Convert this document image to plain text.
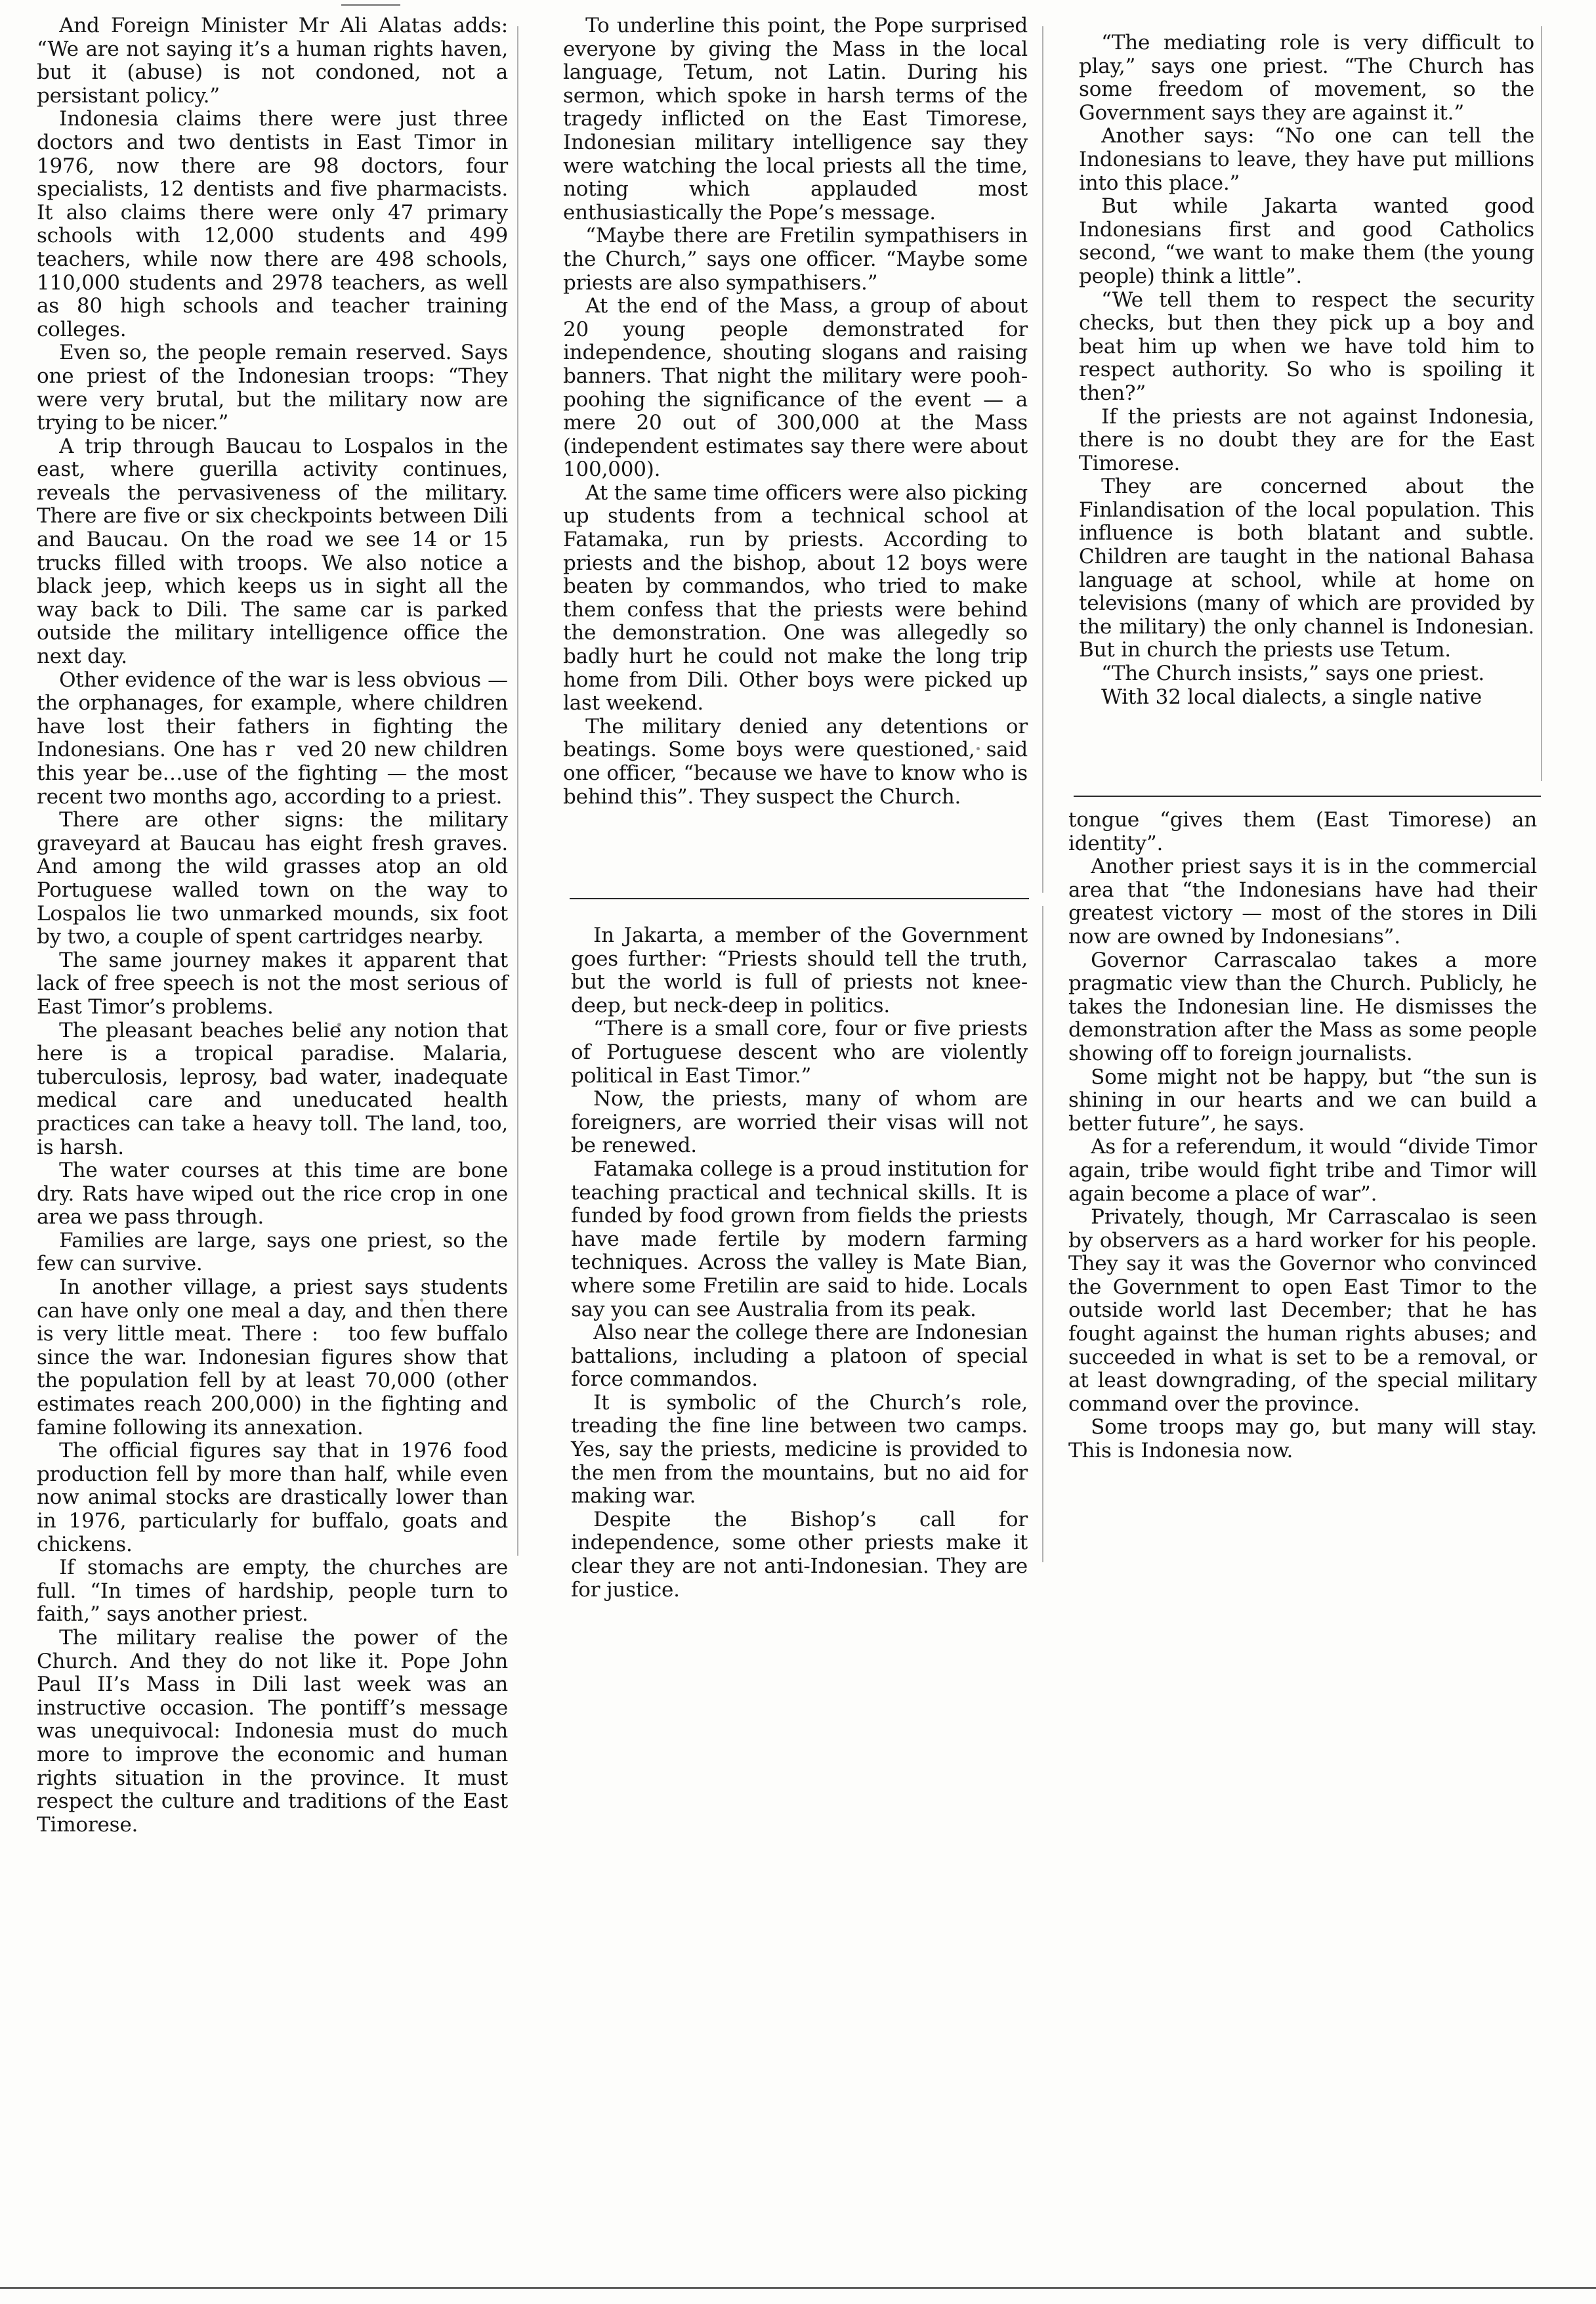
And Foreign Minister Mr Ali Alatas adds: “We are not saying it’s a human rights haven, but it (abuse) is not condoned, not a persistant policy.”

Indonesia claims there were just three doctors and two dentists in East Timor in 1976, now there are 98 doctors, four specialists, 12 dentists and five pharmacists. It also claims there were only 47 primary schools with 12,000 students and 499 teachers, while now there are 498 schools, 110,000 students and 2978 teachers, as well as 80 high schools and teacher training colleges.

Even so, the people remain reserved. Says one priest of the Indonesian troops: “They were very brutal, but the military now are trying to be nicer.”

A trip through Baucau to Lospalos in the east, where guerilla activity continues, reveals the pervasiveness of the military. There are five or six checkpoints between Dili and Baucau. On the road we see 14 or 15 trucks filled with troops. We also notice a black jeep, which keeps us in sight all the way back to Dili. The same car is parked outside the military intelligence office the next day.

Other evidence of the war is less obvious — the orphanages, for example, where children have lost their fathers in fighting the Indonesians. One has r   ved 20 new children this year be…use of the fighting — the most recent two months ago, according to a priest.

There are other signs: the military graveyard at Baucau has eight fresh graves. And among the wild grasses atop an old Portuguese walled town on the way to Lospalos lie two unmarked mounds, six foot by two, a couple of spent cartridges nearby.

The same journey makes it apparent that lack of free speech is not the most serious of East Timor’s problems.

The pleasant beaches belie any notion that here is a tropical paradise. Malaria, tuberculosis, leprosy, bad water, inadequate medical care and uneducated health practices can take a heavy toll. The land, too, is harsh.

The water courses at this time are bone dry. Rats have wiped out the rice crop in one area we pass through.

Families are large, says one priest, so the few can survive.

In another village, a priest says students can have only one meal a day, and then there is very little meat. There :   too few buffalo since the war. Indonesian figures show that the population fell by at least 70,000 (other estimates reach 200,000) in the fighting and famine following its annexation.

The official figures say that in 1976 food production fell by more than half, while even now animal stocks are drastically lower than in 1976, particularly for buffalo, goats and chickens.

If stomachs are empty, the churches are full. “In times of hardship, people turn to faith,” says another priest.

The military realise the power of the Church. And they do not like it. Pope John Paul II’s Mass in Dili last week was an instructive occasion. The pontiff’s message was unequivocal: Indonesia must do much more to improve the economic and human rights situation in the province. It must respect the culture and traditions of the East Timorese.

To underline this point, the Pope surprised everyone by giving the Mass in the local language, Tetum, not Latin. During his sermon, which spoke in harsh terms of the tragedy inflicted on the East Timorese, Indonesian military intelligence say they were watching the local priests all the time, noting which applauded most enthusiastically the Pope’s message.

“Maybe there are Fretilin sympathisers in the Church,” says one officer. “Maybe some priests are also sympathisers.”

At the end of the Mass, a group of about 20 young people demonstrated for independence, shouting slogans and raising banners. That night the military were pooh-poohing the significance of the event — a mere 20 out of 300,000 at the Mass (independent estimates say there were about 100,000).

At the same time officers were also picking up students from a technical school at Fatamaka, run by priests. According to priests and the bishop, about 12 boys were beaten by commandos, who tried to make them confess that the priests were behind the demonstration. One was allegedly so badly hurt he could not make the long trip home from Dili. Other boys were picked up last weekend.

The military denied any detentions or beatings. Some boys were questioned, said one officer, “because we have to know who is behind this”. They suspect the Church.

In Jakarta, a member of the Government goes further: “Priests should tell the truth, but the world is full of priests not knee-deep, but neck-deep in politics.

“There is a small core, four or five priests of Portuguese descent who are violently political in East Timor.”

Now, the priests, many of whom are foreigners, are worried their visas will not be renewed.

Fatamaka college is a proud institution for teaching practical and technical skills. It is funded by food grown from fields the priests have made fertile by modern farming techniques. Across the valley is Mate Bian, where some Fretilin are said to hide. Locals say you can see Australia from its peak.

Also near the college there are Indonesian battalions, including a platoon of special force commandos.

It is symbolic of the Church’s role, treading the fine line between two camps. Yes, say the priests, medicine is provided to the men from the mountains, but no aid for making war.

Despite the Bishop’s call for independence, some other priests make it clear they are not anti-Indonesian. They are for justice.

“The mediating role is very difficult to play,” says one priest. “The Church has some freedom of movement, so the Government says they are against it.”

Another says: “No one can tell the Indonesians to leave, they have put millions into this place.”

But while Jakarta wanted good Indonesians first and good Catholics second, “we want to make them (the young people) think a little”.

“We tell them to respect the security checks, but then they pick up a boy and beat him up when we have told him to respect authority. So who is spoiling it then?”

If the priests are not against Indonesia, there is no doubt they are for the East Timorese.

They are concerned about the Finlandisation of the local population. This influence is both blatant and subtle. Children are taught in the national Bahasa language at school, while at home on televisions (many of which are provided by the military) the only channel is Indonesian. But in church the priests use Tetum.

“The Church insists,” says one priest.

With 32 local dialects, a single native

tongue “gives them (East Timorese) an identity”.

Another priest says it is in the commercial area that “the Indonesians have had their greatest victory — most of the stores in Dili now are owned by Indonesians”.

Governor Carrascalao takes a more pragmatic view than the Church. Publicly, he takes the Indonesian line. He dismisses the demonstration after the Mass as some people showing off to foreign journalists.

Some might not be happy, but “the sun is shining in our hearts and we can build a better future”, he says.

As for a referendum, it would “divide Timor again, tribe would fight tribe and Timor will again become a place of war”.

Privately, though, Mr Carrascalao is seen by observers as a hard worker for his people. They say it was the Governor who convinced the Government to open East Timor to the outside world last December; that he has fought against the human rights abuses; and succeeded in what is set to be a removal, or at least downgrading, of the special military command over the province.

Some troops may go, but many will stay. This is Indonesia now.
